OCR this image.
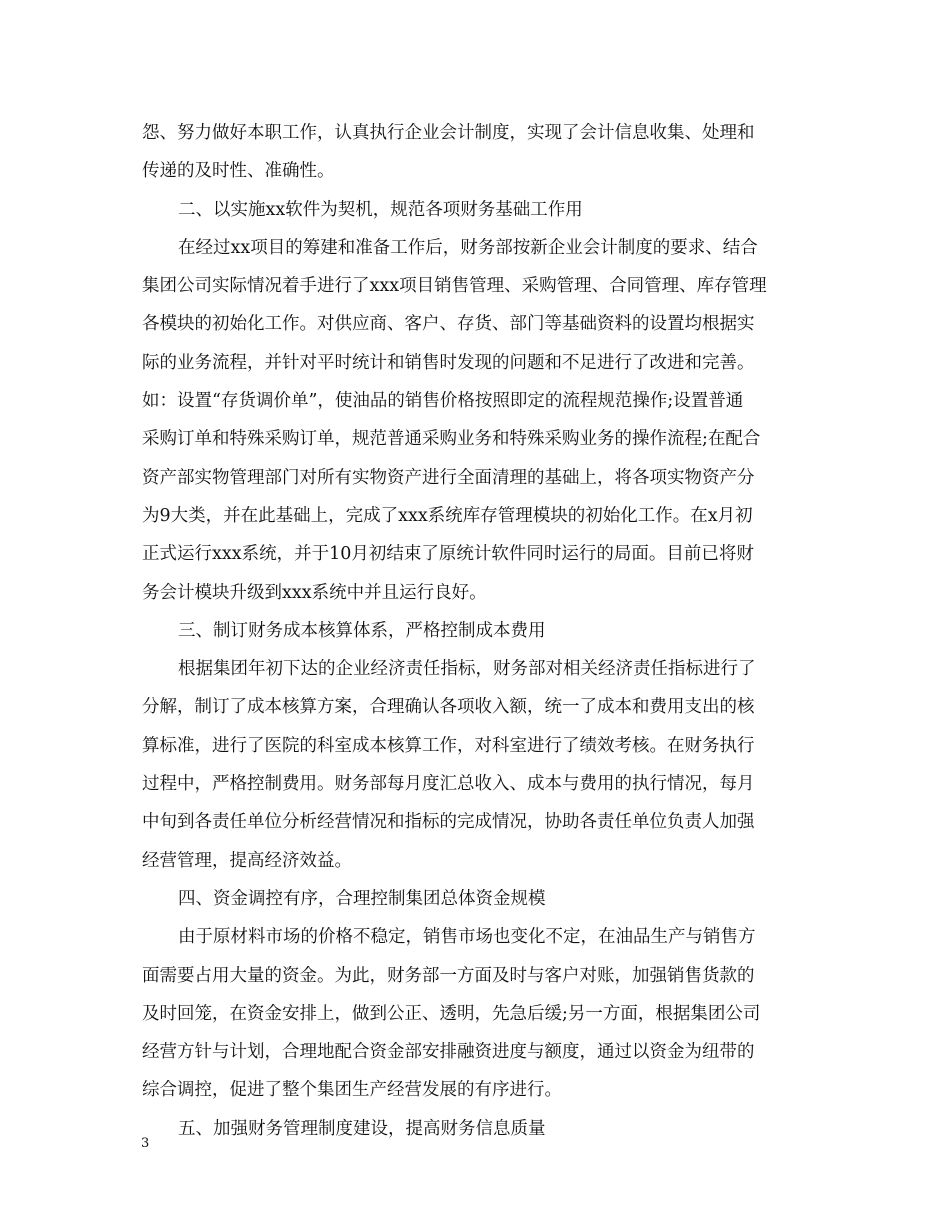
怨、努力做好本职工作，认真执行企业会计制度，实现了会计信息收集、处理和
传递的及时性、准确性。
二、以实施xx软件为契机，规范各项财务基础工作用
在经过xx项目的筹建和准备工作后，财务部按新企业会计制度的要求、结合
集团公司实际情况着手进行了xxx项目销售管理、采购管理、合同管理、库存管理
各模块的初始化工作。对供应商、客户、存货、部门等基础资料的设置均根据实
际的业务流程，并针对平时统计和销售时发现的问题和不足进行了改进和完善。
如：设置“存货调价单”，使油品的销售价格按照即定的流程规范操作;设置普通
采购订单和特殊采购订单，规范普通采购业务和特殊采购业务的操作流程;在配合
资产部实物管理部门对所有实物资产进行全面清理的基础上，将各项实物资产分
为9大类，并在此基础上，完成了xxx系统库存管理模块的初始化工作。在x月初
正式运行xxx系统，并于10月初结束了原统计软件同时运行的局面。目前已将财
务会计模块升级到xxx系统中并且运行良好。
三、制订财务成本核算体系，严格控制成本费用
根据集团年初下达的企业经济责任指标，财务部对相关经济责任指标进行了
分解，制订了成本核算方案，合理确认各项收入额，统一了成本和费用支出的核
算标准，进行了医院的科室成本核算工作，对科室进行了绩效考核。在财务执行
过程中，严格控制费用。财务部每月度汇总收入、成本与费用的执行情况，每月
中旬到各责任单位分析经营情况和指标的完成情况，协助各责任单位负责人加强
经营管理，提高经济效益。
四、资金调控有序，合理控制集团总体资金规模
由于原材料市场的价格不稳定，销售市场也变化不定，在油品生产与销售方
面需要占用大量的资金。为此，财务部一方面及时与客户对账，加强销售货款的
及时回笼，在资金安排上，做到公正、透明，先急后缓;另一方面，根据集团公司
经营方针与计划，合理地配合资金部安排融资进度与额度，通过以资金为纽带的
综合调控，促进了整个集团生产经营发展的有序进行。
五、加强财务管理制度建设，提高财务信息质量
3
